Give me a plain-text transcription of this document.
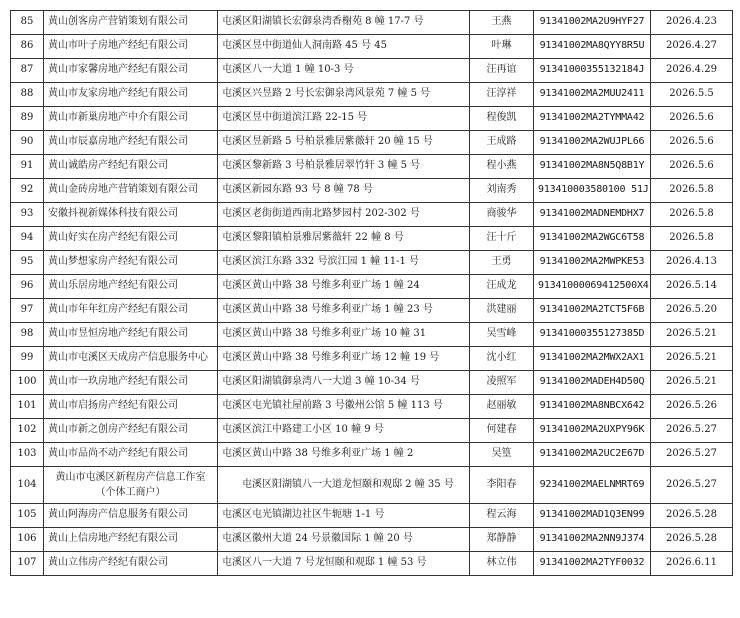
85	黄山创客房产营销策划有限公司	屯溪区阳湖镇长宏御泉湾香榭苑 8 幢 17-7 号	王燕	91341002MA2U9HYF27	2026.4.23
86	黄山市叶子房地产经纪有限公司	屯溪区昱中街道仙人洞南路 45 号 45	叶琳	91341002MA8QYY8R5U	2026.4.27
87	黄山市家馨房地产经纪有限公司	屯溪区八一大道 1 幢 10-3 号	汪再谊	91341000355132184J	2026.4.29
88	黄山市友家房地产经纪有限公司	屯溪区兴昱路 2 号长宏御泉湾风景苑 7 幢 5 号	汪淳祥	91341002MA2MUU2411	2026.5.5
89	黄山市新巢房地产中介有限公司	屯溪区昱中街道滨江路 22-15 号	程俊凯	91341002MA2TYMMA42	2026.5.6
90	黄山市辰嘉房地产经纪有限公司	屯溪区昱新路 5 号柏景雅居紫薇轩 20 幢 15 号	王成路	91341002MA2WUJPL66	2026.5.6
91	黄山诚皓房产经纪有限公司	屯溪区黎新路 3 号柏景雅居翠竹轩 3 幢 5 号	程小燕	91341002MA8N5Q8B1Y	2026.5.6
92	黄山金砖房地产营销策划有限公司	屯溪区新园东路 93 号 8 幢 78 号	刘南秀	913410003580100 51J	2026.5.8
93	安徽抖视新媒体科技有限公司	屯溪区老街街道西南北路梦园村 202-302 号	商骏华	91341002MADNEMDHX7	2026.5.8
94	黄山好实在房产经纪有限公司	屯溪区黎阳镇柏景雅居紫薇轩 22 幢 8 号	汪十斤	91341002MA2WGC6T58	2026.5.8
95	黄山梦想家房产经纪有限公司	屯溪区滨江东路 332 号滨江园 1 幢 11-1 号	王勇	91341002MA2MWPKE53	2026.4.13
96	黄山乐居房地产经纪有限公司	屯溪区黄山中路 38 号维多利亚广场 1 幢 24	汪成龙	91341000069412500X4	2026.5.14
97	黄山市年年红房产经纪有限公司	屯溪区黄山中路 38 号维多利亚广场 1 幢 23 号	洪建丽	91341002MA2TCT5F6B	2026.5.20
98	黄山市昱恒房地产经纪有限公司	屯溪区黄山中路 38 号维多利亚广场 10 幢 31	吴雪峰	91341000355127385D	2026.5.21
99	黄山市屯溪区天成房产信息服务中心	屯溪区黄山中路 38 号维多利亚广场 12 幢 19 号	沈小红	91341002MA2MWX2AX1	2026.5.21
100	黄山市一玖房地产经纪有限公司	屯溪区阳湖镇御泉湾八一大道 3 幢 10-34 号	凌照军	91341002MADEH4D50Q	2026.5.21
101	黄山市启扬房产经纪有限公司	屯溪区屯光镇社屋前路 3 号徽州公馆 5 幢 113 号	赵丽敏	91341002MA8NBCX642	2026.5.26
102	黄山市新之创房产经纪有限公司	屯溪区滨江中路建工小区 10 幢 9 号	何建春	91341002MA2UXPY96K	2026.5.27
103	黄山市品尚不动产经纪有限公司	屯溪区黄山中路 38 号维多利亚广场 1 幢 2	吴篁	91341002MA2UC2E67D	2026.5.27
104	黄山市屯溪区新程房产信息工作室
（个体工商户）	屯溪区阳湖镇八一大道龙恒颐和观邸 2 幢 35 号	李阳春	92341002MAELNMRT69	2026.5.27
105	黄山阿海房产信息服务有限公司	屯溪区屯光镇湖边社区牛轭塘 1-1 号	程云海	91341002MAD1Q3EN99	2026.5.28
106	黄山上信房地产经纪有限公司	屯溪区徽州大道 24 号景徽国际 1 幢 20 号	郑静静	91341002MA2NN9J374	2026.5.28
107	黄山立伟房产经纪有限公司	屯溪区八一大道 7 号龙恒颐和观邸 1 幢 53 号	林立伟	91341002MA2TYF0032	2026.6.11
